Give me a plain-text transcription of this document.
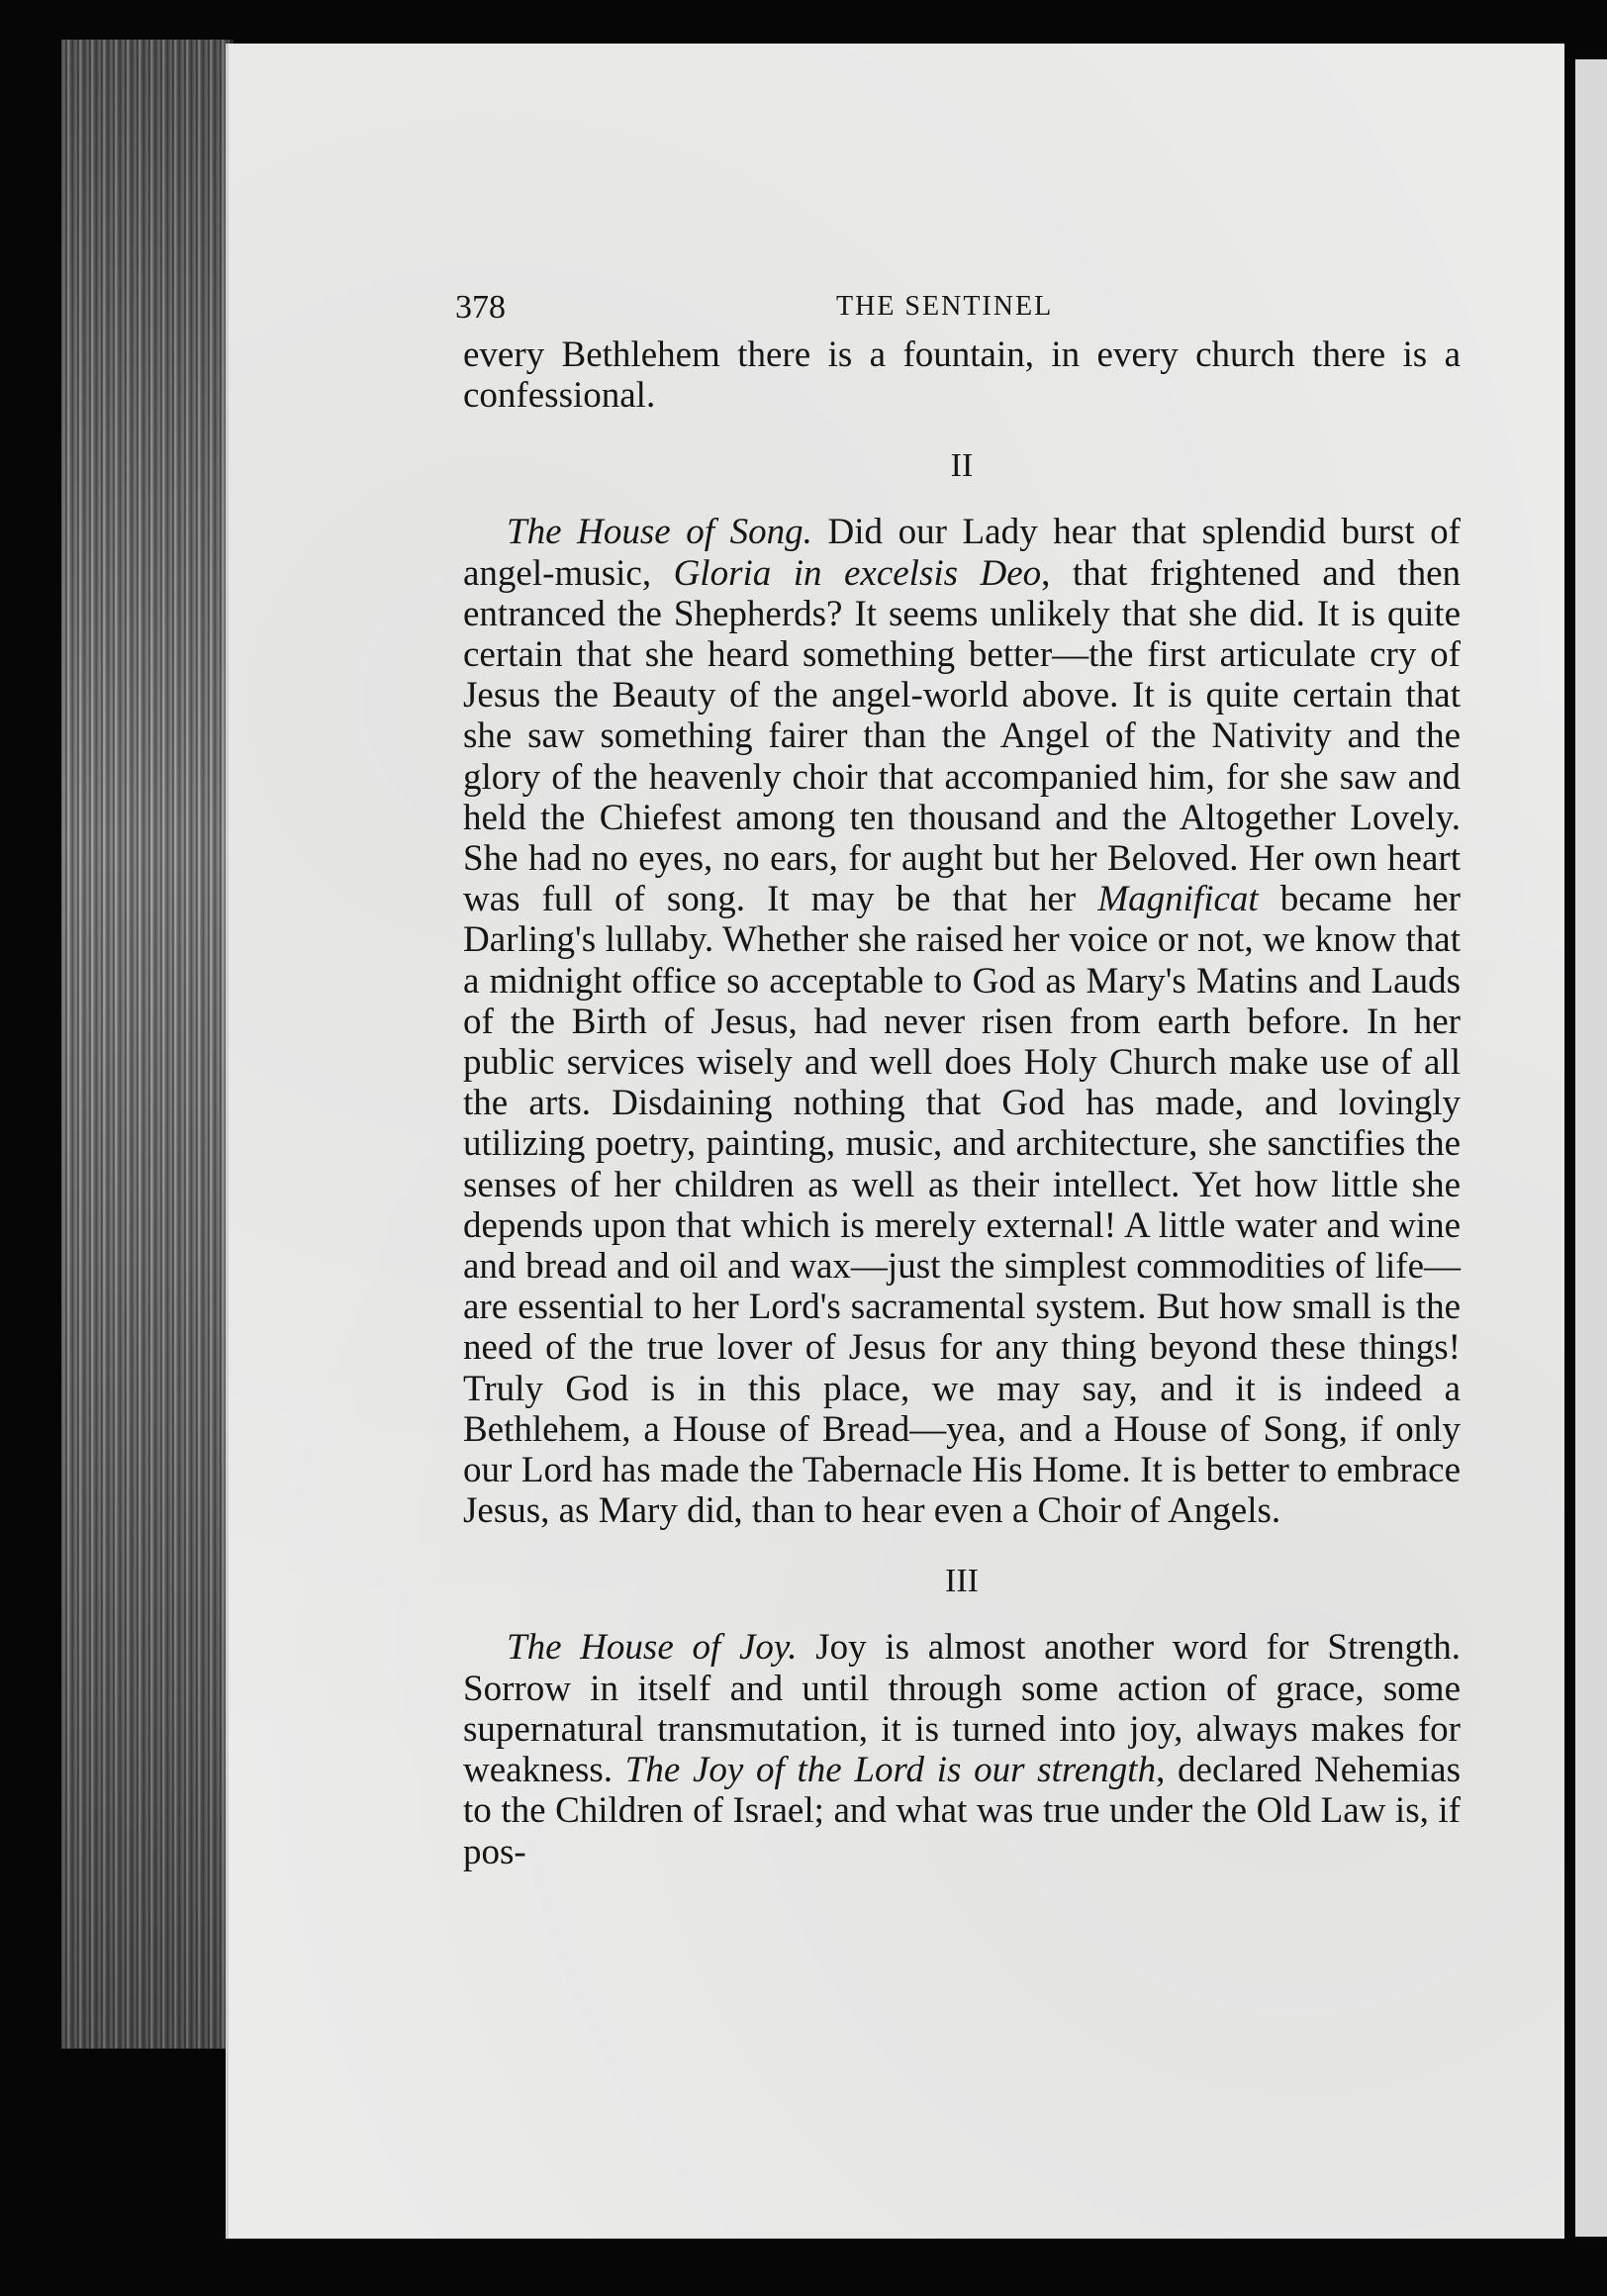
378	THE SENTINEL

every Bethlehem there is a fountain, in every church there is a confessional.

II

The House of Song. Did our Lady hear that splendid burst of angel-music, Gloria in excelsis Deo, that frightened and then entranced the Shepherds? It seems unlikely that she did. It is quite certain that she heard something better—the first articulate cry of Jesus the Beauty of the angel-world above. It is quite certain that she saw something fairer than the Angel of the Nativity and the glory of the heavenly choir that accompanied him, for she saw and held the Chiefest among ten thousand and the Altogether Lovely. She had no eyes, no ears, for aught but her Beloved. Her own heart was full of song. It may be that her Magnificat became her Darling's lullaby. Whether she raised her voice or not, we know that a midnight office so acceptable to God as Mary's Matins and Lauds of the Birth of Jesus, had never risen from earth before. In her public services wisely and well does Holy Church make use of all the arts. Disdaining nothing that God has made, and lovingly utilizing poetry, painting, music, and architecture, she sanctifies the senses of her children as well as their intellect. Yet how little she depends upon that which is merely external! A little water and wine and bread and oil and wax—just the simplest commodities of life—are essential to her Lord's sacramental system. But how small is the need of the true lover of Jesus for any thing beyond these things! Truly God is in this place, we may say, and it is indeed a Bethlehem, a House of Bread—yea, and a House of Song, if only our Lord has made the Tabernacle His Home. It is better to embrace Jesus, as Mary did, than to hear even a Choir of Angels.

III

The House of Joy. Joy is almost another word for Strength. Sorrow in itself and until through some action of grace, some supernatural transmutation, it is turned into joy, always makes for weakness. The Joy of the Lord is our strength, declared Nehemias to the Children of Israel; and what was true under the Old Law is, if pos-
